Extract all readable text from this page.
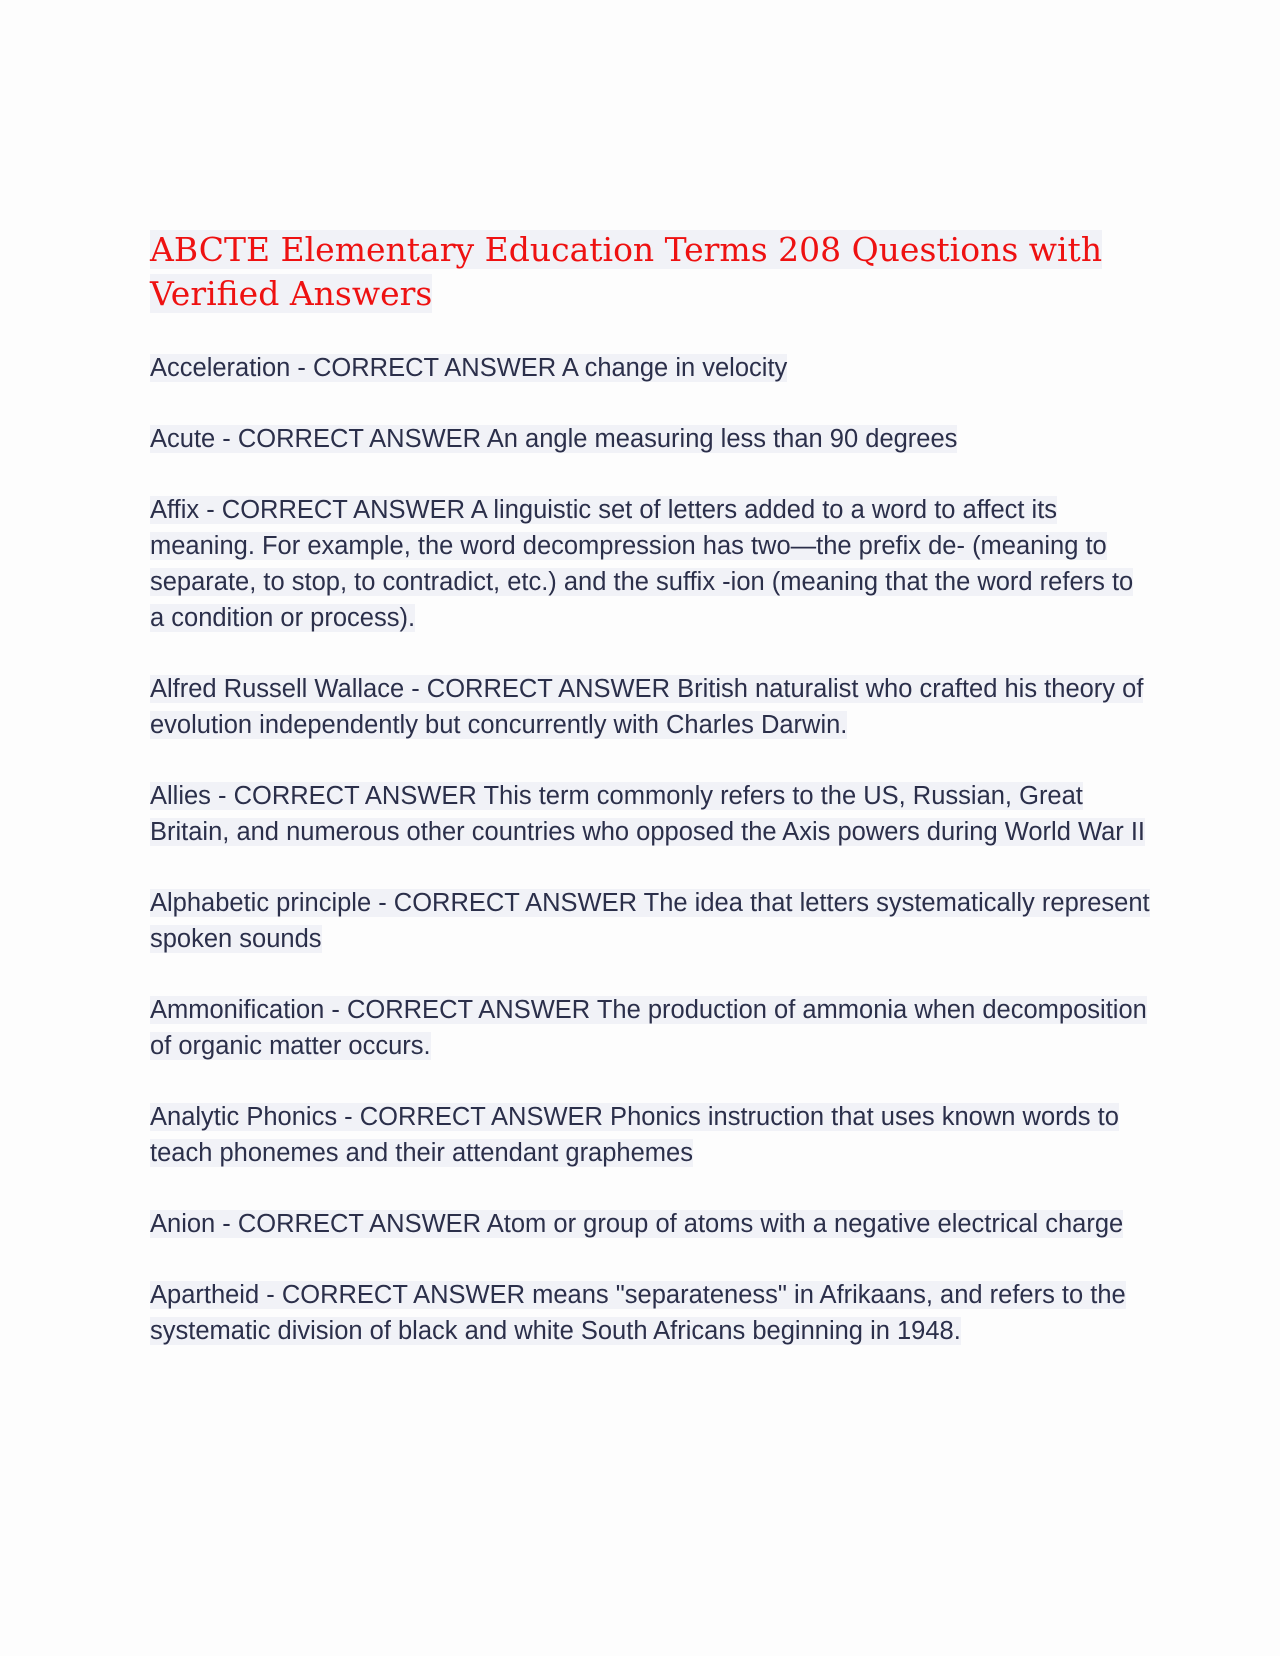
ABCTE Elementary Education Terms 208 Questions with Verified Answers

Acceleration - CORRECT ANSWER A change in velocity

Acute - CORRECT ANSWER An angle measuring less than 90 degrees

Affix - CORRECT ANSWER A linguistic set of letters added to a word to affect its meaning. For example, the word decompression has two—the prefix de- (meaning to separate, to stop, to contradict, etc.) and the suffix -ion (meaning that the word refers to a condition or process).

Alfred Russell Wallace - CORRECT ANSWER British naturalist who crafted his theory of evolution independently but concurrently with Charles Darwin.

Allies - CORRECT ANSWER This term commonly refers to the US, Russian, Great Britain, and numerous other countries who opposed the Axis powers during World War II

Alphabetic principle - CORRECT ANSWER The idea that letters systematically represent spoken sounds

Ammonification - CORRECT ANSWER The production of ammonia when decomposition of organic matter occurs.

Analytic Phonics - CORRECT ANSWER Phonics instruction that uses known words to teach phonemes and their attendant graphemes

Anion - CORRECT ANSWER Atom or group of atoms with a negative electrical charge

Apartheid - CORRECT ANSWER means "separateness" in Afrikaans, and refers to the systematic division of black and white South Africans beginning in 1948.
